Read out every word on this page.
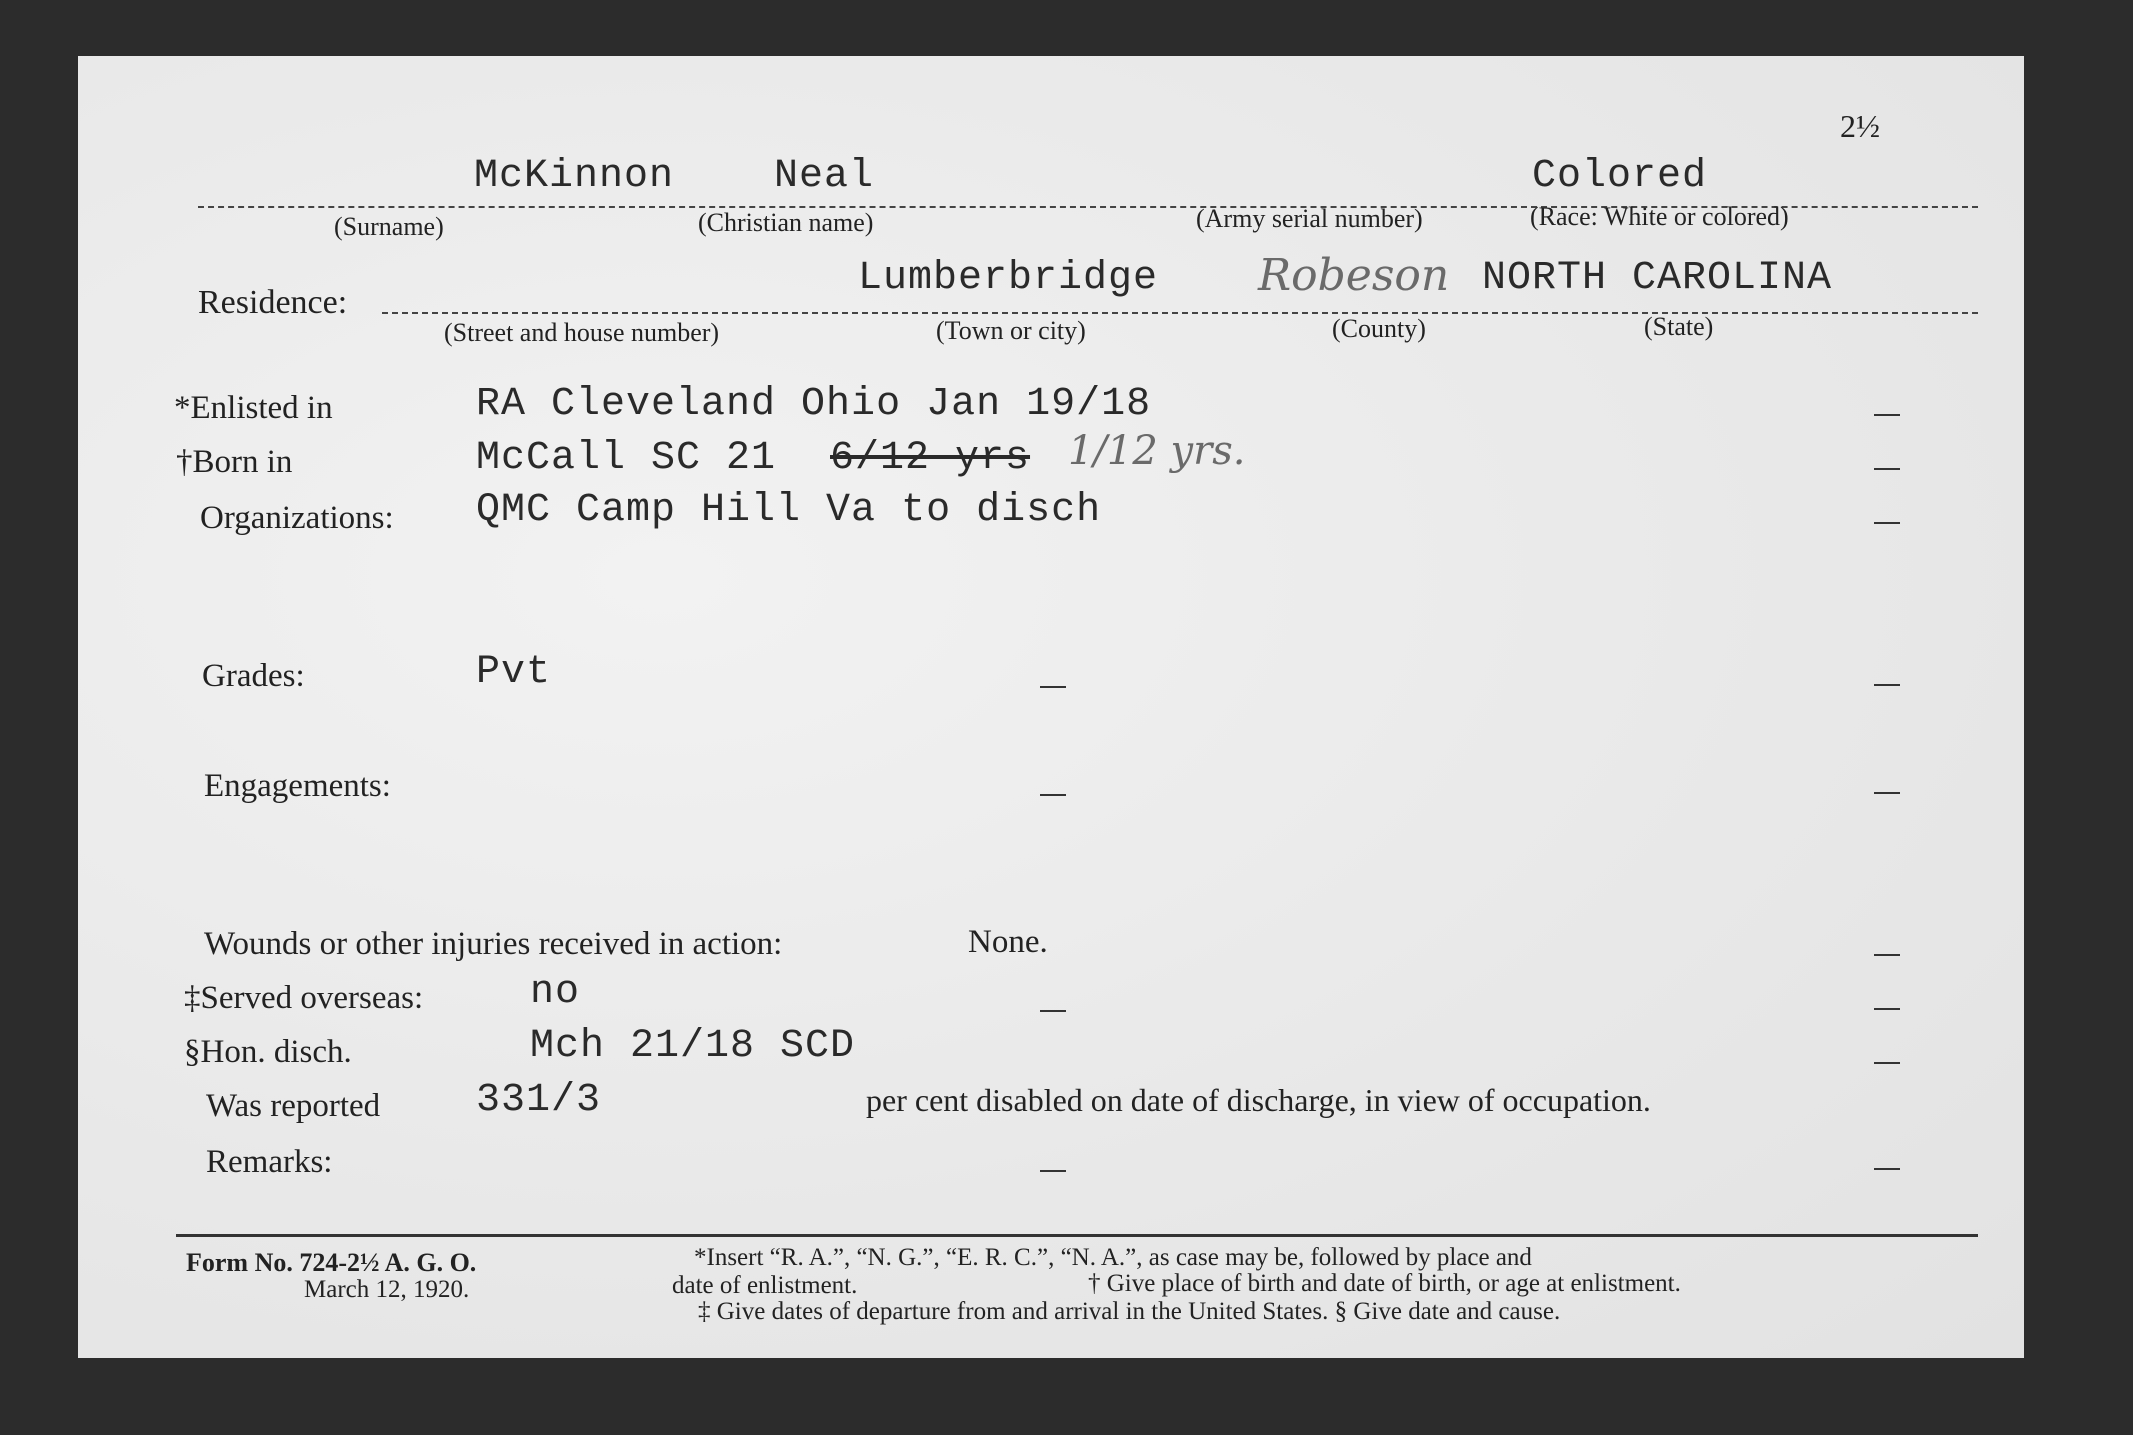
2½
McKinnon Neal	Colored
(Surname)	(Christian name)	(Army serial number)	(Race: White or colored)
Residence:
Lumberbridge Robeson NORTH CAROLINA
(Street and house number)	(Town or city)	(County)	(State)
*Enlisted in	RA Cleveland Ohio Jan 19/18
†Born in	McCall SC 21 6/12 yrs 1/12 yrs.
Organizations: QMC Camp Hill Va to disch
Grades:	Pvt
Engagements:
Wounds or other injuries received in action:	None.
‡Served overseas:	no
§Hon. disch.	Mch 21/18 SCD
Was reported 331/3	per cent disabled on date of discharge, in view of occupation.
Remarks:
Form No. 724-2½ A. G. O.
March 12, 1920.
*Insert “R. A.”, “N. G.”, “E. R. C.”, “N. A.”, as case may be, followed by place and
date of enlistment.	† Give place of birth and date of birth, or age at enlistment.
‡ Give dates of departure from and arrival in the United States. § Give date and cause.
